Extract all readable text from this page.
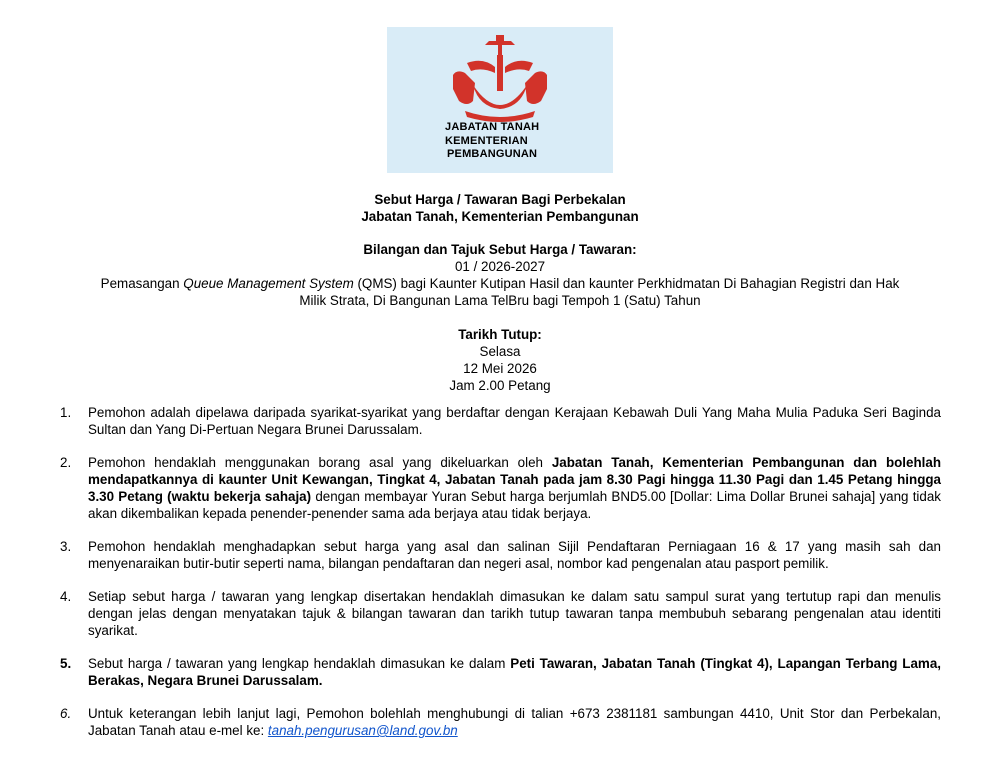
JABATAN TANAH
KEMENTERIAN
PEMBANGUNAN
Sebut Harga / Tawaran Bagi Perbekalan
Jabatan Tanah, Kementerian Pembangunan
Bilangan dan Tajuk Sebut Harga / Tawaran:
01 / 2026-2027
Pemasangan Queue Management System (QMS) bagi Kaunter Kutipan Hasil dan kaunter Perkhidmatan Di Bahagian Registri dan Hak
Milik Strata, Di Bangunan Lama TelBru bagi Tempoh 1 (Satu) Tahun
Tarikh Tutup:
Selasa
12 Mei 2026
Jam 2.00 Petang
1.	Pemohon adalah dipelawa daripada syarikat-syarikat yang berdaftar dengan Kerajaan Kebawah Duli Yang Maha Mulia Paduka Seri Baginda Sultan dan Yang Di-Pertuan Negara Brunei Darussalam.
2.	Pemohon hendaklah menggunakan borang asal yang dikeluarkan oleh Jabatan Tanah, Kementerian Pembangunan dan bolehlah mendapatkannya di kaunter Unit Kewangan, Tingkat 4, Jabatan Tanah pada jam 8.30 Pagi hingga 11.30 Pagi dan 1.45 Petang hingga 3.30 Petang (waktu bekerja sahaja) dengan membayar Yuran Sebut harga berjumlah BND5.00 [Dollar: Lima Dollar Brunei sahaja] yang tidak akan dikembalikan kepada penender-penender sama ada berjaya atau tidak berjaya.
3.	Pemohon hendaklah menghadapkan sebut harga yang asal dan salinan Sijil Pendaftaran Perniagaan 16 & 17 yang masih sah dan menyenaraikan butir-butir seperti nama, bilangan pendaftaran dan negeri asal, nombor kad pengenalan atau pasport pemilik.
4.	Setiap sebut harga / tawaran yang lengkap disertakan hendaklah dimasukan ke dalam satu sampul surat yang tertutup rapi dan menulis dengan jelas dengan menyatakan tajuk & bilangan tawaran dan tarikh tutup tawaran tanpa membubuh sebarang pengenalan atau identiti syarikat.
5.	Sebut harga / tawaran yang lengkap hendaklah dimasukan ke dalam Peti Tawaran, Jabatan Tanah (Tingkat 4), Lapangan Terbang Lama, Berakas, Negara Brunei Darussalam.
6.	Untuk keterangan lebih lanjut lagi, Pemohon bolehlah menghubungi di talian +673 2381181 sambungan 4410, Unit Stor dan Perbekalan, Jabatan Tanah atau e-mel ke: tanah.pengurusan@land.gov.bn
